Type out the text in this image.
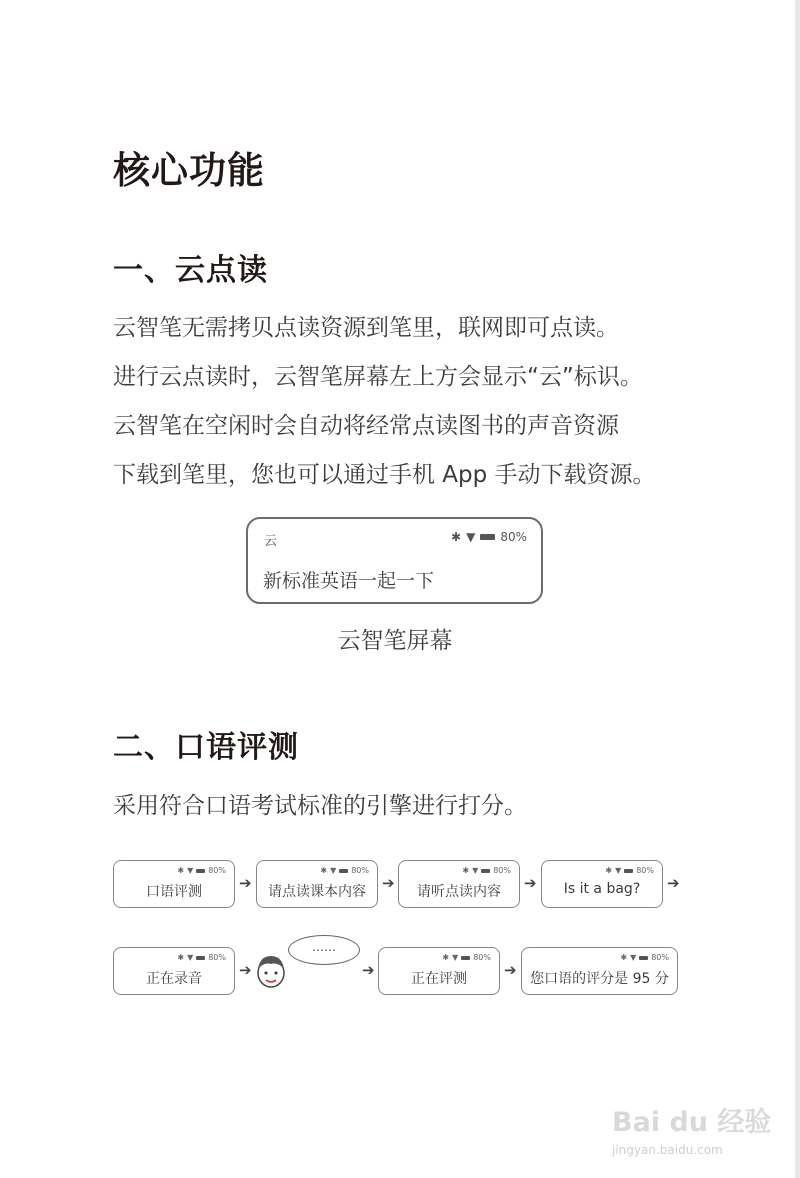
核心功能
一、云点读
云智笔无需拷贝点读资源到笔里，联网即可点读。
进行云点读时，云智笔屏幕左上方会显示“云”标识。
云智笔在空闲时会自动将经常点读图书的声音资源
下载到笔里，您也可以通过手机 App 手动下载资源。
云	✱ ▼ 80%
新标准英语一起一下
云智笔屏幕
二、口语评测
采用符合口语考试标准的引擎进行打分。
✱ ▼ 80%
口语评测	➔
✱ ▼ 80%
请点读课本内容	➔
✱ ▼ 80%
请听点读内容	➔
✱ ▼ 80%
Is it a bag?	➔
✱ ▼ 80%
正在录音	➔
……
➔
✱ ▼ 80%
正在评测	➔
✱ ▼ 80%
您口语的评分是 95 分
Bai du 经验
jingyan.baidu.com
